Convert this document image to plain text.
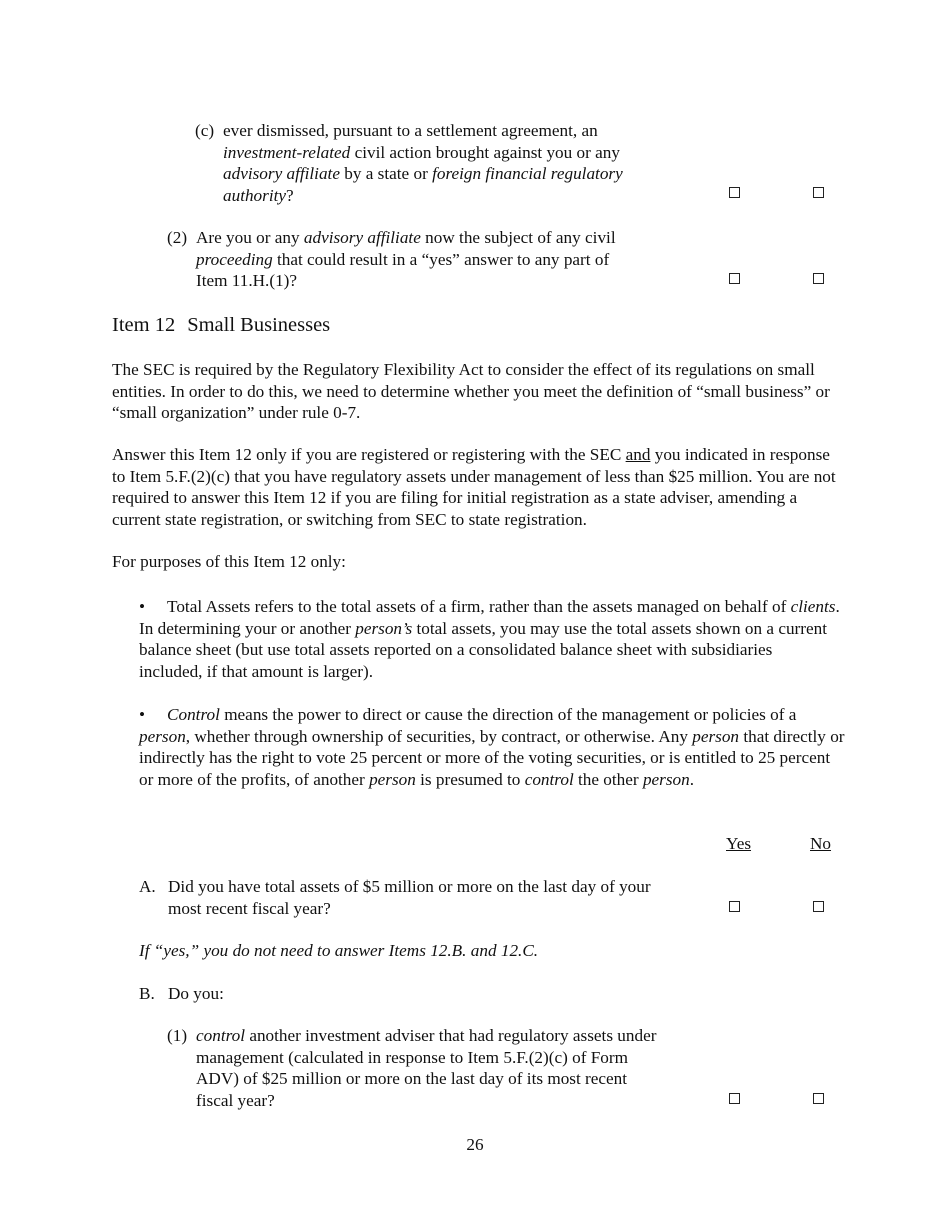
(c) ever dismissed, pursuant to a settlement agreement, an
investment-related civil action brought against you or any
advisory affiliate by a state or foreign financial regulatory
authority?
(2) Are you or any advisory affiliate now the subject of any civil
proceeding that could result in a “yes” answer to any part of
Item 11.H.(1)?
Item 12 Small Businesses
The SEC is required by the Regulatory Flexibility Act to consider the effect of its regulations on small entities. In order to do this, we need to determine whether you meet the definition of “small business” or “small organization” under rule 0-7.
Answer this Item 12 only if you are registered or registering with the SEC and you indicated in response to Item 5.F.(2)(c) that you have regulatory assets under management of less than $25 million. You are not required to answer this Item 12 if you are filing for initial registration as a state adviser, amending a current state registration, or switching from SEC to state registration.
For purposes of this Item 12 only:
• Total Assets refers to the total assets of a firm, rather than the assets managed on behalf of clients. In determining your or another person’s total assets, you may use the total assets shown on a current balance sheet (but use total assets reported on a consolidated balance sheet with subsidiaries included, if that amount is larger).
• Control means the power to direct or cause the direction of the management or policies of a person, whether through ownership of securities, by contract, or otherwise. Any person that directly or indirectly has the right to vote 25 percent or more of the voting securities, or is entitled to 25 percent or more of the profits, of another person is presumed to control the other person.
Yes	No
A. Did you have total assets of $5 million or more on the last day of your
most recent fiscal year?
If “yes,” you do not need to answer Items 12.B. and 12.C.
B. Do you:
(1) control another investment adviser that had regulatory assets under
management (calculated in response to Item 5.F.(2)(c) of Form
ADV) of $25 million or more on the last day of its most recent
fiscal year?
26
